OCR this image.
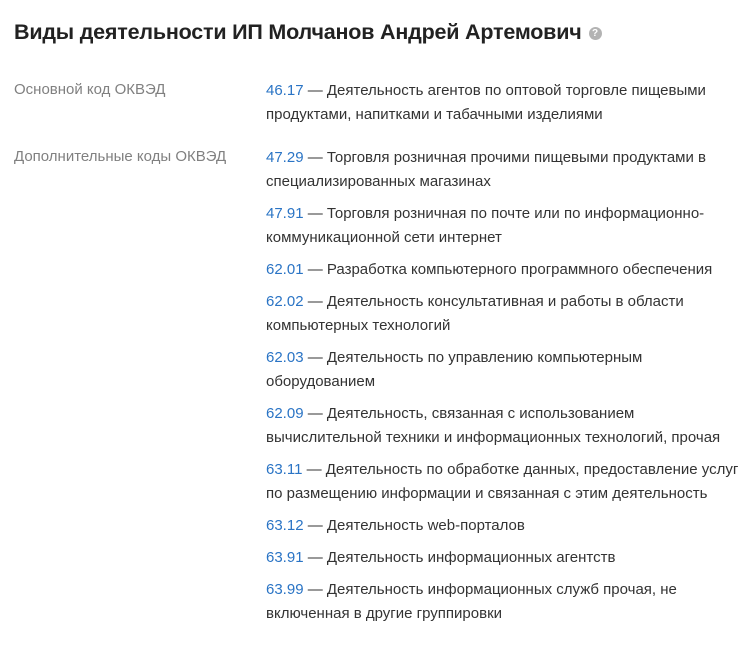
Виды деятельности ИП Молчанов Андрей Артемович	?
Основной код ОКВЭД	46.17 — Деятельность агентов по оптовой торговле пищевыми продуктами, напитками и табачными изделиями
Дополнительные коды ОКВЭД	47.29 — Торговля розничная прочими пищевыми продуктами в специализированных магазинах
47.91 — Торговля розничная по почте или по информационно-коммуникационной сети интернет
62.01 — Разработка компьютерного программного обеспечения
62.02 — Деятельность консультативная и работы в области компьютерных технологий
62.03 — Деятельность по управлению компьютерным оборудованием
62.09 — Деятельность, связанная с использованием вычислительной техники и информационных технологий, прочая
63.11 — Деятельность по обработке данных, предоставление услуг по размещению информации и связанная с этим деятельность
63.12 — Деятельность web-порталов
63.91 — Деятельность информационных агентств
63.99 — Деятельность информационных служб прочая, не включенная в другие группировки
